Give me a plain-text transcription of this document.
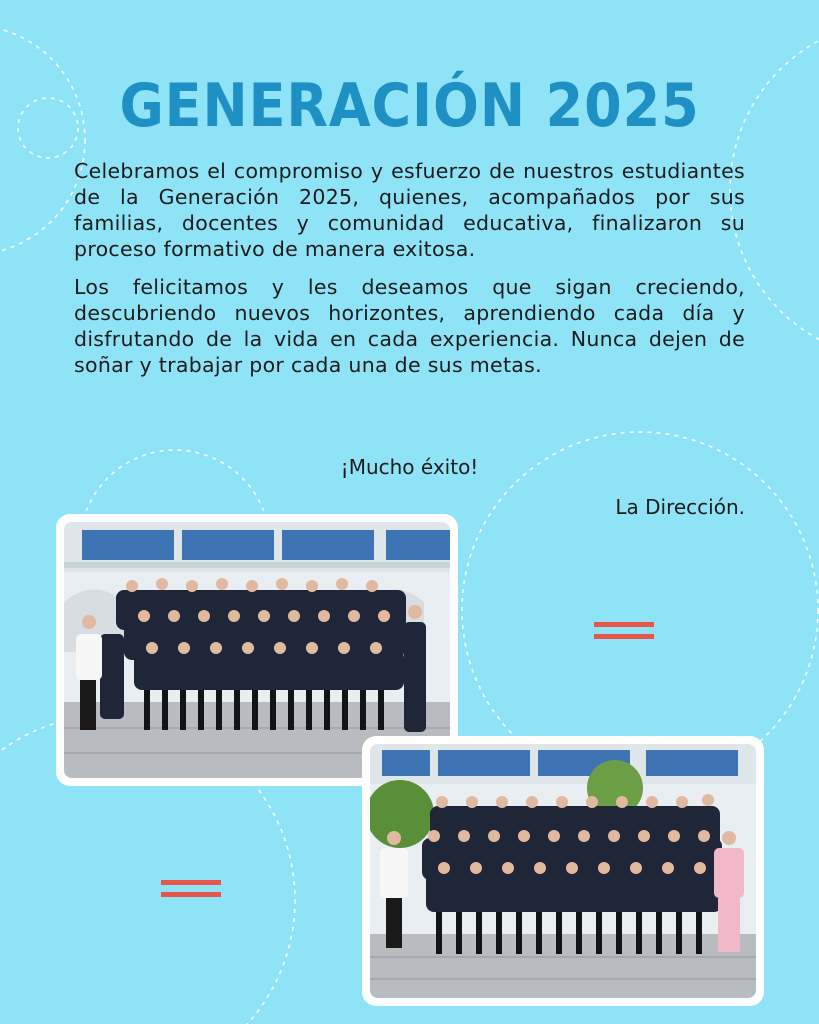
GENERACIÓN 2025

Celebramos el compromiso y esfuerzo de nuestros estudiantes de la Generación 2025, quienes, acompañados por sus familias, docentes y comunidad educativa, finalizaron su proceso formativo de manera exitosa.

Los felicitamos y les deseamos que sigan creciendo, descubriendo nuevos horizontes, aprendiendo cada día y disfrutando de la vida en cada experiencia. Nunca dejen de soñar y trabajar por cada una de sus metas.

¡Mucho éxito!
La Dirección.
